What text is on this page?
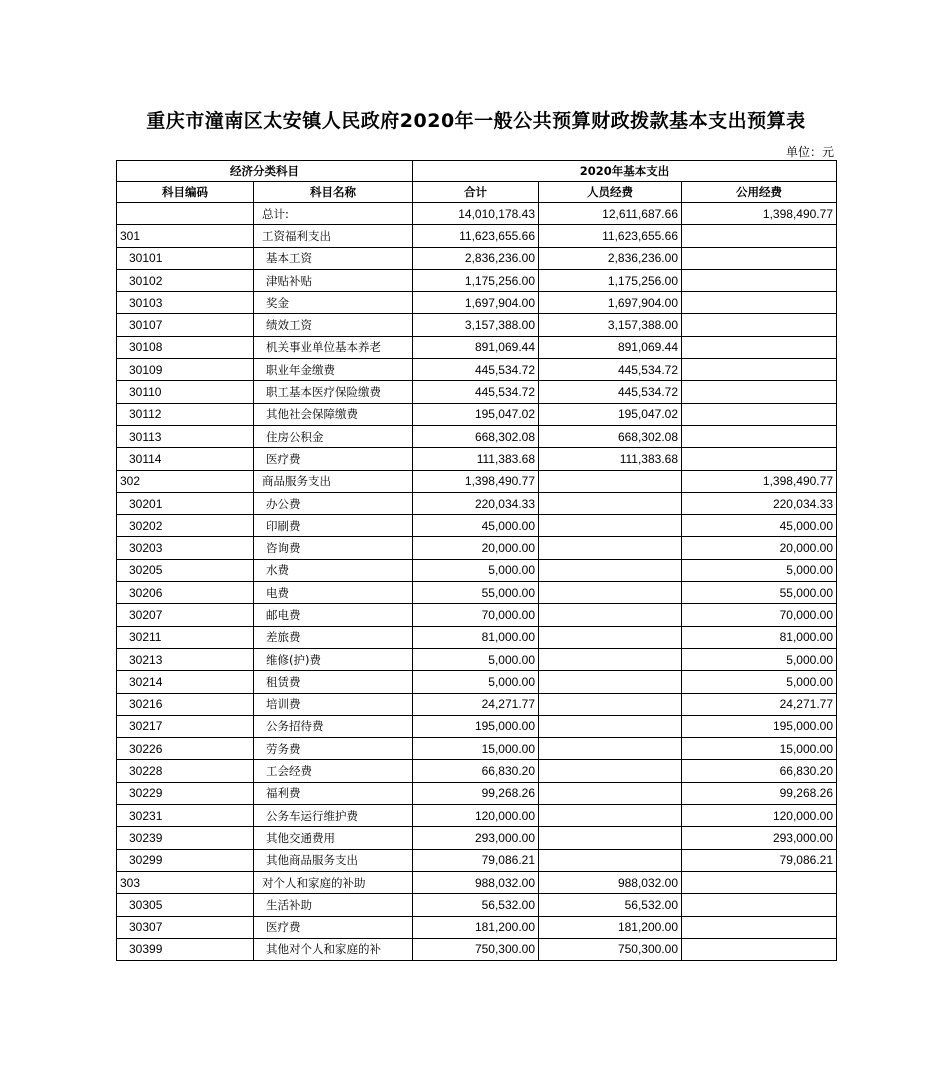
重庆市潼南区太安镇人民政府2020年一般公共预算财政拨款基本支出预算表
单位：元
经济分类科目		2020年基本支出		
科目编码	科目名称	合计	人员经费	公用经费
	总计:	14,010,178.43	12,611,687.66	1,398,490.77
301	工资福利支出	11,623,655.66	11,623,655.66	
30101	基本工资	2,836,236.00	2,836,236.00	
30102	津贴补贴	1,175,256.00	1,175,256.00	
30103	奖金	1,697,904.00	1,697,904.00	
30107	绩效工资	3,157,388.00	3,157,388.00	
30108	机关事业单位基本养老	891,069.44	891,069.44	
30109	职业年金缴费	445,534.72	445,534.72	
30110	职工基本医疗保险缴费	445,534.72	445,534.72	
30112	其他社会保障缴费	195,047.02	195,047.02	
30113	住房公积金	668,302.08	668,302.08	
30114	医疗费	111,383.68	111,383.68	
302	商品服务支出	1,398,490.77		1,398,490.77
30201	办公费	220,034.33		220,034.33
30202	印刷费	45,000.00		45,000.00
30203	咨询费	20,000.00		20,000.00
30205	水费	5,000.00		5,000.00
30206	电费	55,000.00		55,000.00
30207	邮电费	70,000.00		70,000.00
30211	差旅费	81,000.00		81,000.00
30213	维修(护)费	5,000.00		5,000.00
30214	租赁费	5,000.00		5,000.00
30216	培训费	24,271.77		24,271.77
30217	公务招待费	195,000.00		195,000.00
30226	劳务费	15,000.00		15,000.00
30228	工会经费	66,830.20		66,830.20
30229	福利费	99,268.26		99,268.26
30231	公务车运行维护费	120,000.00		120,000.00
30239	其他交通费用	293,000.00		293,000.00
30299	其他商品服务支出	79,086.21		79,086.21
303	对个人和家庭的补助	988,032.00	988,032.00	
30305	生活补助	56,532.00	56,532.00	
30307	医疗费	181,200.00	181,200.00	
30399	其他对个人和家庭的补	750,300.00	750,300.00	
